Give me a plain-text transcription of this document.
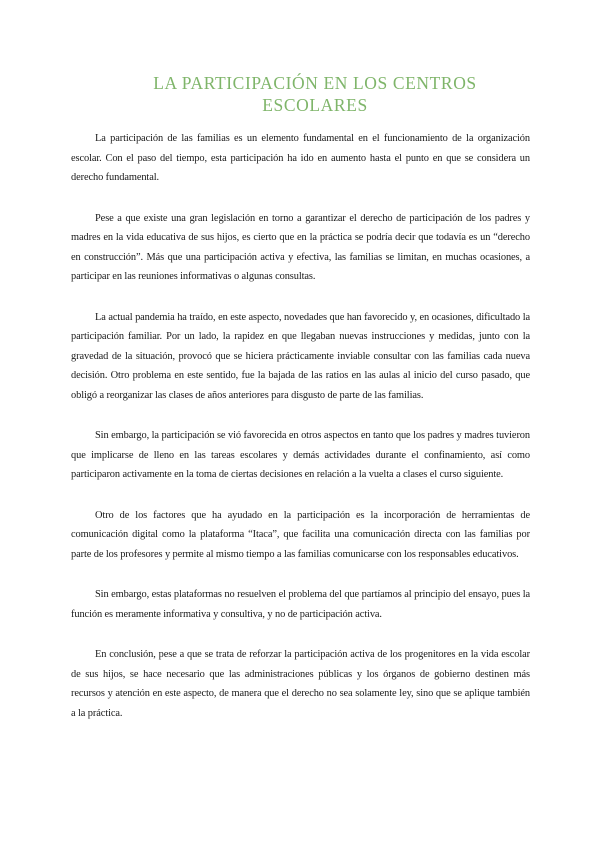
LA PARTICIPACIÓN EN LOS CENTROS ESCOLARES

La participación de las familias es un elemento fundamental en el funcionamiento de la organización escolar. Con el paso del tiempo, esta participación ha ido en aumento hasta el punto en que se considera un derecho fundamental.

Pese a que existe una gran legislación en torno a garantizar el derecho de participación de los padres y madres en la vida educativa de sus hijos, es cierto que en la práctica se podría decir que todavía es un “derecho en construcción”. Más que una participación activa y efectiva, las familias se limitan, en muchas ocasiones, a participar en las reuniones informativas o algunas consultas.

La actual pandemia ha traído, en este aspecto, novedades que han favorecido y, en ocasiones, dificultado la participación familiar. Por un lado, la rapidez en que llegaban nuevas instrucciones y medidas, junto con la gravedad de la situación, provocó que se hiciera prácticamente inviable consultar con las familias cada nueva decisión. Otro problema en este sentido, fue la bajada de las ratios en las aulas al inicio del curso pasado, que obligó a reorganizar las clases de años anteriores para disgusto de parte de las familias.

Sin embargo, la participación se vió favorecida en otros aspectos en tanto que los padres y madres tuvieron que implicarse de lleno en las tareas escolares y demás actividades durante el confinamiento, así como participaron activamente en la toma de ciertas decisiones en relación a la vuelta a clases el curso siguiente.

Otro de los factores que ha ayudado en la participación es la incorporación de herramientas de comunicación digital como la plataforma “Itaca”, que facilita una comunicación directa con las familias por parte de los profesores y permite al mismo tiempo a las familias comunicarse con los responsables educativos.

Sin embargo, estas plataformas no resuelven el problema del que partíamos al principio del ensayo, pues la función es meramente informativa y consultiva, y no de participación activa.

En conclusión, pese a que se trata de reforzar la participación activa de los progenitores en la vida escolar de sus hijos, se hace necesario que las administraciones públicas y los órganos de gobierno destinen más recursos y atención en este aspecto, de manera que el derecho no sea solamente ley, sino que se aplique también a la práctica.
